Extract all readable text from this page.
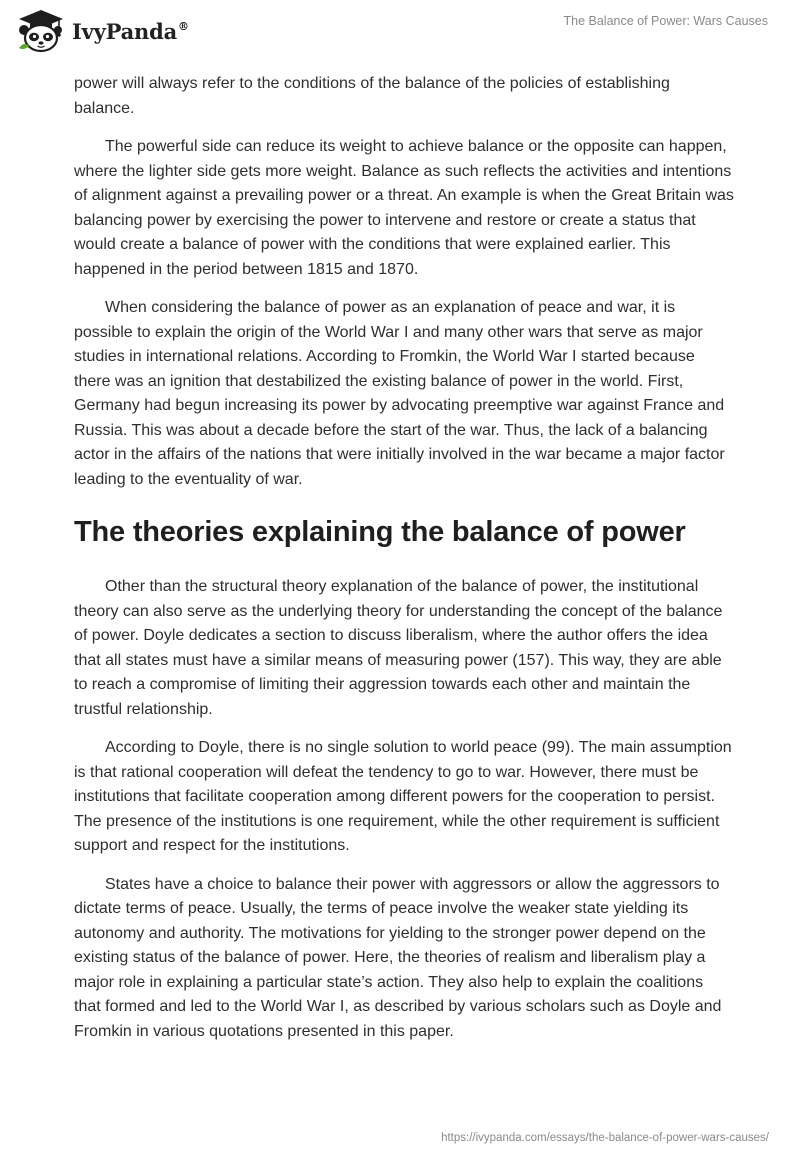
IvyPanda®	The Balance of Power: Wars Causes

power will always refer to the conditions of the balance of the policies of establishing balance.

The powerful side can reduce its weight to achieve balance or the opposite can happen, where the lighter side gets more weight. Balance as such reflects the activities and intentions of alignment against a prevailing power or a threat. An example is when the Great Britain was balancing power by exercising the power to intervene and restore or create a status that would create a balance of power with the conditions that were explained earlier. This happened in the period between 1815 and 1870.

When considering the balance of power as an explanation of peace and war, it is possible to explain the origin of the World War I and many other wars that serve as major studies in international relations. According to Fromkin, the World War I started because there was an ignition that destabilized the existing balance of power in the world. First, Germany had begun increasing its power by advocating preemptive war against France and Russia. This was about a decade before the start of the war. Thus, the lack of a balancing actor in the affairs of the nations that were initially involved in the war became a major factor leading to the eventuality of war.

The theories explaining the balance of power

Other than the structural theory explanation of the balance of power, the institutional theory can also serve as the underlying theory for understanding the concept of the balance of power. Doyle dedicates a section to discuss liberalism, where the author offers the idea that all states must have a similar means of measuring power (157). This way, they are able to reach a compromise of limiting their aggression towards each other and maintain the trustful relationship.

According to Doyle, there is no single solution to world peace (99). The main assumption is that rational cooperation will defeat the tendency to go to war. However, there must be institutions that facilitate cooperation among different powers for the cooperation to persist. The presence of the institutions is one requirement, while the other requirement is sufficient support and respect for the institutions.

States have a choice to balance their power with aggressors or allow the aggressors to dictate terms of peace. Usually, the terms of peace involve the weaker state yielding its autonomy and authority. The motivations for yielding to the stronger power depend on the existing status of the balance of power. Here, the theories of realism and liberalism play a major role in explaining a particular state’s action. They also help to explain the coalitions that formed and led to the World War I, as described by various scholars such as Doyle and Fromkin in various quotations presented in this paper.

https://ivypanda.com/essays/the-balance-of-power-wars-causes/
